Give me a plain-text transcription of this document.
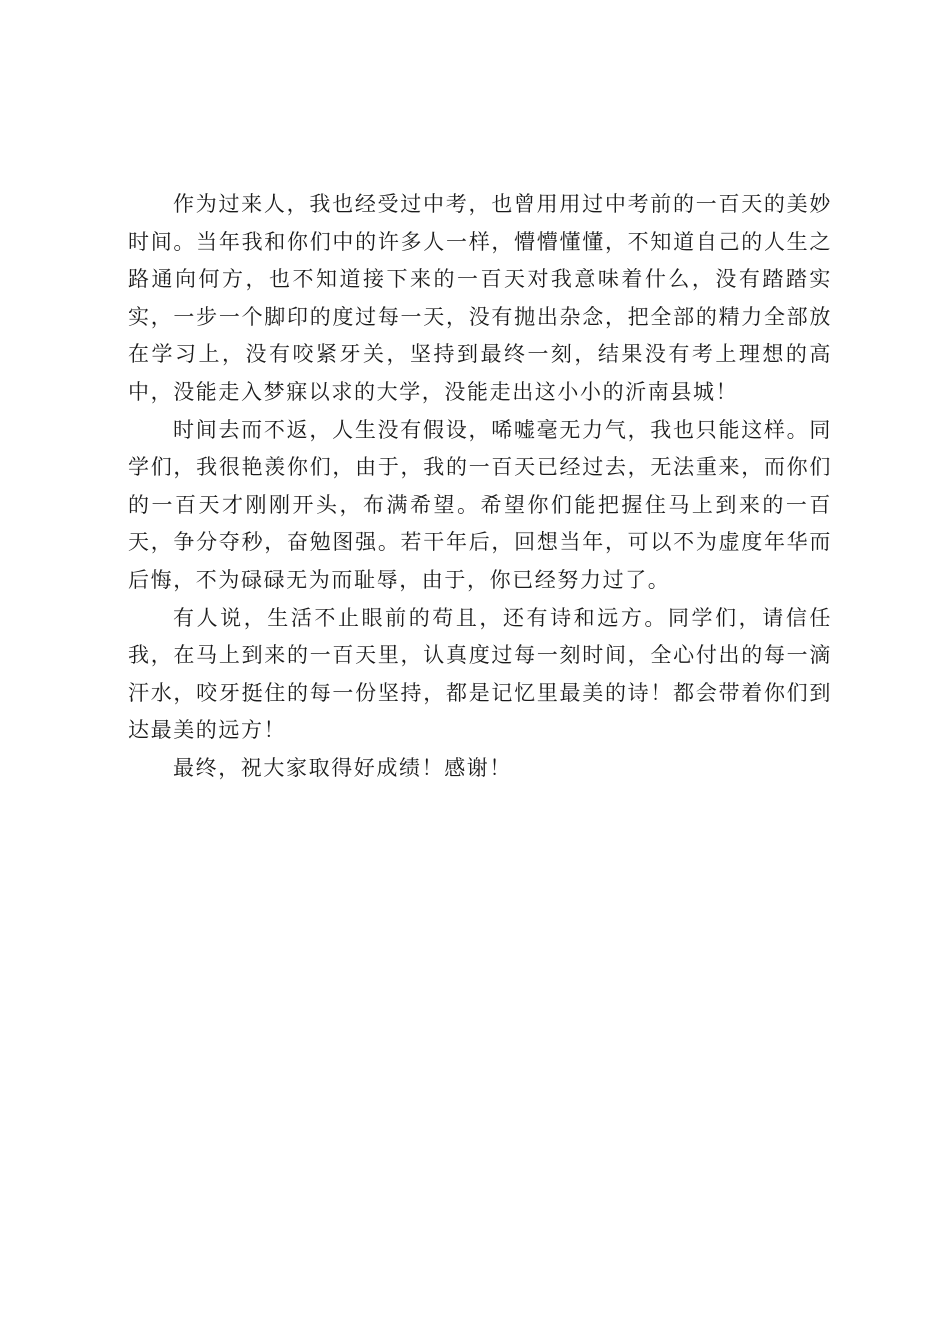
作为过来人，我也经受过中考，也曾用用过中考前的一百天的美妙时间。当年我和你们中的许多人一样，懵懵懂懂，不知道自己的人生之路通向何方，也不知道接下来的一百天对我意味着什么，没有踏踏实实，一步一个脚印的度过每一天，没有抛出杂念，把全部的精力全部放在学习上，没有咬紧牙关，坚持到最终一刻，结果没有考上理想的高中，没能走入梦寐以求的大学，没能走出这小小的沂南县城！

时间去而不返，人生没有假设，唏嘘毫无力气，我也只能这样。同学们，我很艳羡你们，由于，我的一百天已经过去，无法重来，而你们的一百天才刚刚开头，布满希望。希望你们能把握住马上到来的一百天，争分夺秒，奋勉图强。若干年后，回想当年，可以不为虚度年华而后悔，不为碌碌无为而耻辱，由于，你已经努力过了。

有人说，生活不止眼前的苟且，还有诗和远方。同学们，请信任我，在马上到来的一百天里，认真度过每一刻时间，全心付出的每一滴汗水，咬牙挺住的每一份坚持，都是记忆里最美的诗！都会带着你们到达最美的远方！

最终，祝大家取得好成绩！感谢！
